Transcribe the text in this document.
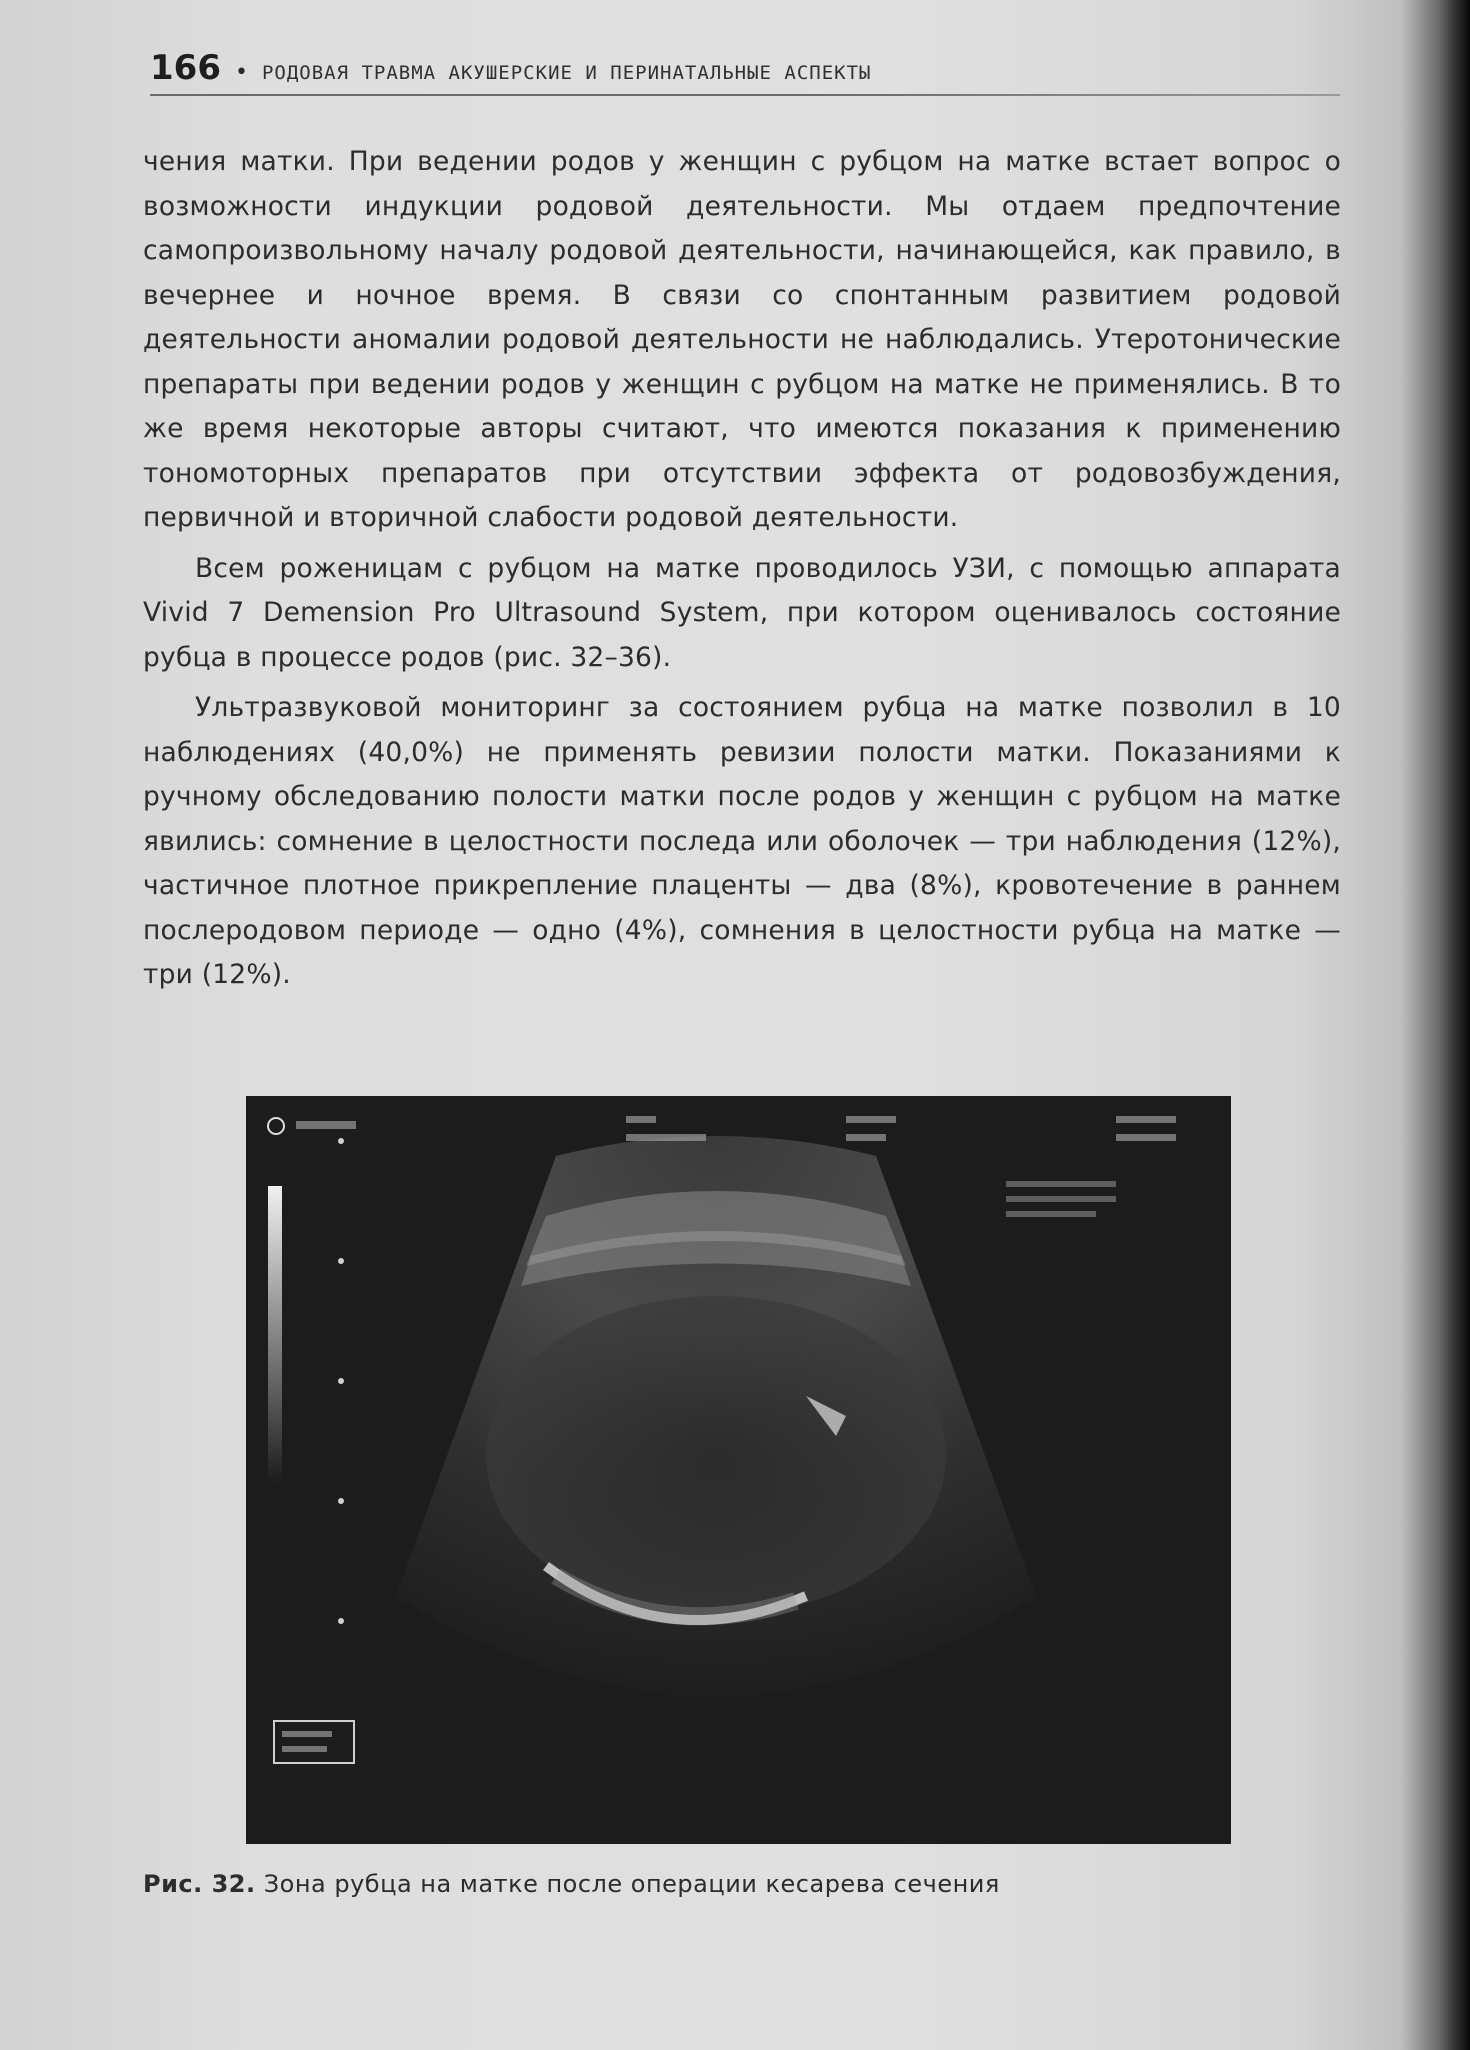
166 • РОДОВАЯ ТРАВМА АКУШЕРСКИЕ И ПЕРИНАТАЛЬНЫЕ АСПЕКТЫ

чения матки. При ведении родов у женщин с рубцом на матке встает вопрос о возможности индукции родовой деятельности. Мы отдаем предпочтение самопроизвольному началу родовой деятельности, начинающейся, как правило, в вечернее и ночное время. В связи со спонтанным развитием родовой деятельности аномалии родовой деятельности не наблюдались. Утеротонические препараты при ведении родов у женщин с рубцом на матке не применялись. В то же время некоторые авторы считают, что имеются показания к применению тономоторных препаратов при отсутствии эффекта от родовозбуждения, первичной и вторичной слабости родовой деятельности.

Всем роженицам с рубцом на матке проводилось УЗИ, с помощью аппарата Vivid 7 Demension Pro Ultrasound System, при котором оценивалось состояние рубца в процессе родов (рис. 32–36).

Ультразвуковой мониторинг за состоянием рубца на матке позволил в 10 наблюдениях (40,0%) не применять ревизии полости матки. Показаниями к ручному обследованию полости матки после родов у женщин с рубцом на матке явились: сомнение в целостности последа или оболочек — три наблюдения (12%), частичное плотное прикрепление плаценты — два (8%), кровотечение в раннем послеродовом периоде — одно (4%), сомнения в целостности рубца на матке — три (12%).

Рис. 32. Зона рубца на матке после операции кесарева сечения
